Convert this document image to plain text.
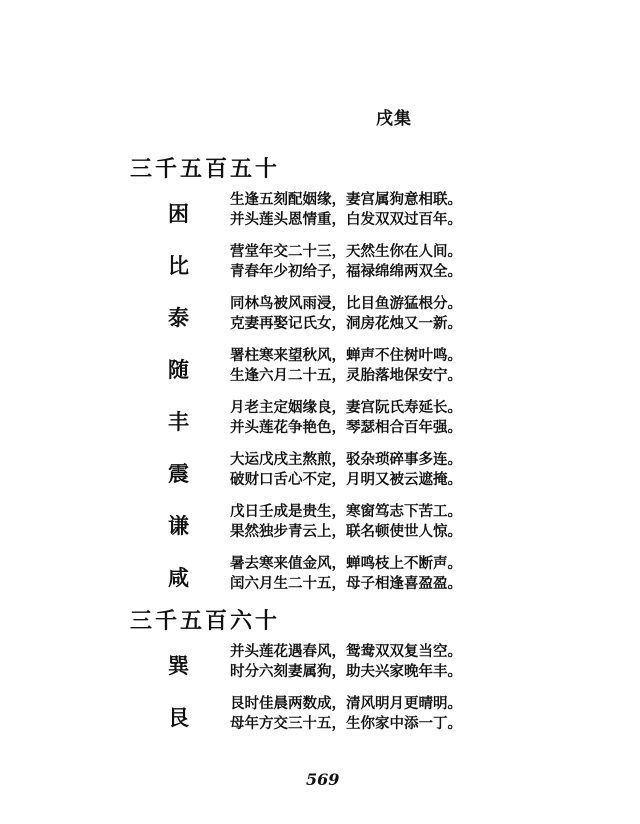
戌集
三千五百五十
困
生逢五刻配姻缘，妻宫属狗意相联。
并头莲头恩情重，白发双双过百年。
比
营堂年交二十三，天然生你在人间。
青春年少初给子，福禄绵绵两双全。
泰
同林鸟被风雨浸，比目鱼游猛根分。
克妻再娶记氏女，洞房花烛又一新。
随
署柱寒来望秋风，蝉声不住树叶鸣。
生逢六月二十五，灵胎落地保安宁。
丰
月老主定姻缘良，妻宫阮氏寿延长。
并头莲花争艳色，琴瑟相合百年强。
震
大运戊戌主熬煎，驳杂琐碎事多连。
破财口舌心不定，月明又被云遮掩。
谦
戊日壬成是贵生，寒窗笃志下苦工。
果然独步青云上，联名顿使世人惊。
咸
暑去寒来值金风，蝉鸣枝上不断声。
闰六月生二十五，母子相逢喜盈盈。
三千五百六十
巽
并头莲花遇春风，鸳鸯双双复当空。
时分六刻妻属狗，助夫兴家晚年丰。
艮
艮时佳晨两数成，清风明月更晴明。
母年方交三十五，生你家中添一丁。
569
